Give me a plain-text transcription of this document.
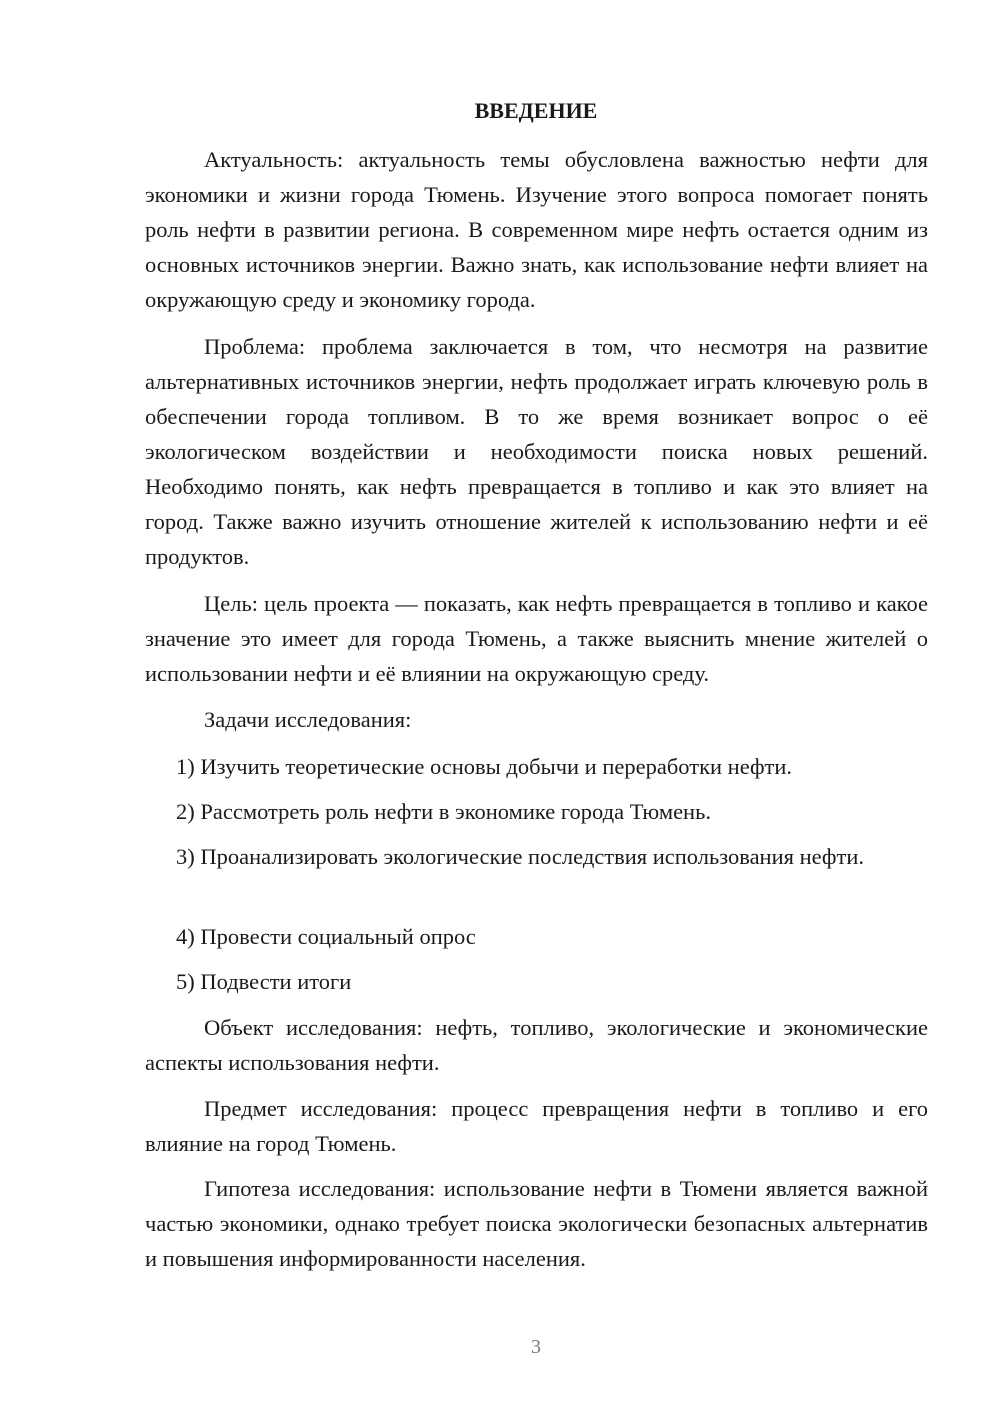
ВВЕДЕНИЕ

Актуальность: актуальность темы обусловлена важностью нефти для экономики и жизни города Тюмень. Изучение этого вопроса помогает понять роль нефти в развитии региона. В современном мире нефть остается одним из основных источников энергии. Важно знать, как использование нефти влияет на окружающую среду и экономику города.

Проблема: проблема заключается в том, что несмотря на развитие альтернативных источников энергии, нефть продолжает играть ключевую роль в обеспечении города топливом. В то же время возникает вопрос о её экологическом воздействии и необходимости поиска новых решений. Необходимо понять, как нефть превращается в топливо и как это влияет на город. Также важно изучить отношение жителей к использованию нефти и её продуктов.

Цель: цель проекта — показать, как нефть превращается в топливо и какое значение это имеет для города Тюмень, а также выяснить мнение жителей о использовании нефти и её влиянии на окружающую среду.

Задачи исследования:

1) Изучить теоретические основы добычи и переработки нефти.

2) Рассмотреть роль нефти в экономике города Тюмень.

3) Проанализировать экологические последствия использования нефти.

4) Провести социальный опрос

5) Подвести итоги

Объект исследования: нефть, топливо, экологические и экономические аспекты использования нефти.

Предмет исследования: процесс превращения нефти в топливо и его влияние на город Тюмень.

Гипотеза исследования: использование нефти в Тюмени является важной частью экономики, однако требует поиска экологически безопасных альтернатив и повышения информированности населения.

3
